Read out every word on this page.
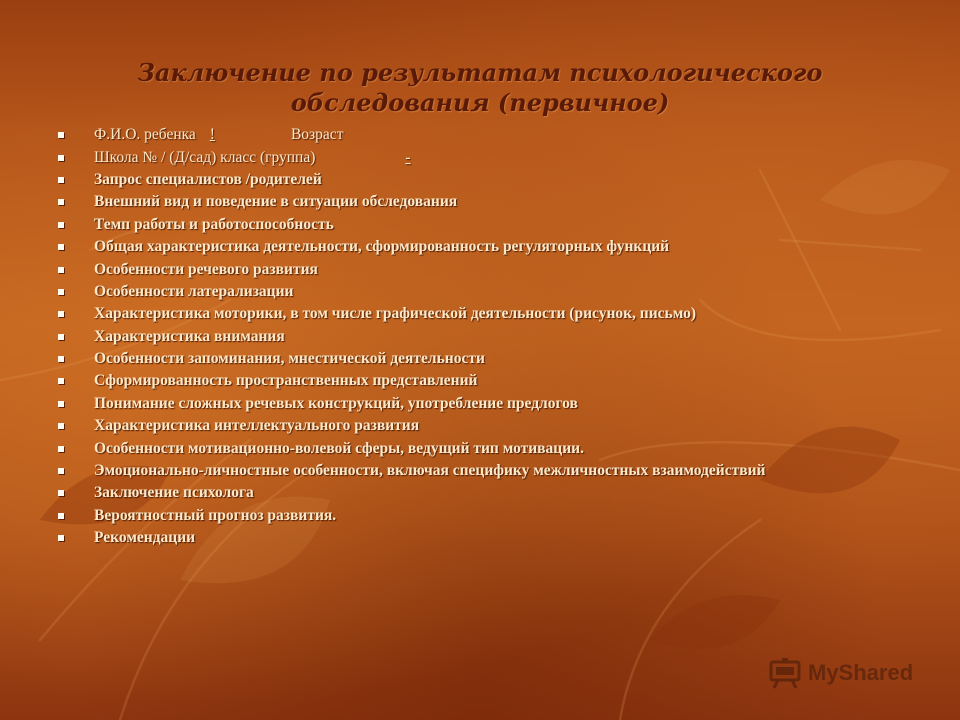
Заключение по результатам психологического
обследования (первичное)
Ф.И.О. ребенка !	Возраст
Школа № / (Д/сад) класс (группа)	-
Запрос специалистов /родителей
Внешний вид и поведение в ситуации обследования
Темп работы и работоспособность
Общая характеристика деятельности, сформированность регуляторных функций
Особенности речевого развития
Особенности латерализации
Характеристика моторики, в том числе графической деятельности (рисунок, письмо)
Характеристика внимания
Особенности запоминания, мнестической деятельности
Сформированность пространственных представлений
Понимание сложных речевых конструкций, употребление предлогов
Характеристика интеллектуального развития
Особенности мотивационно-волевой сферы, ведущий тип мотивации.
Эмоционально-личностные особенности, включая специфику межличностных взаимодействий
Заключение психолога
Вероятностный прогноз развития.
Рекомендации
MyShared
